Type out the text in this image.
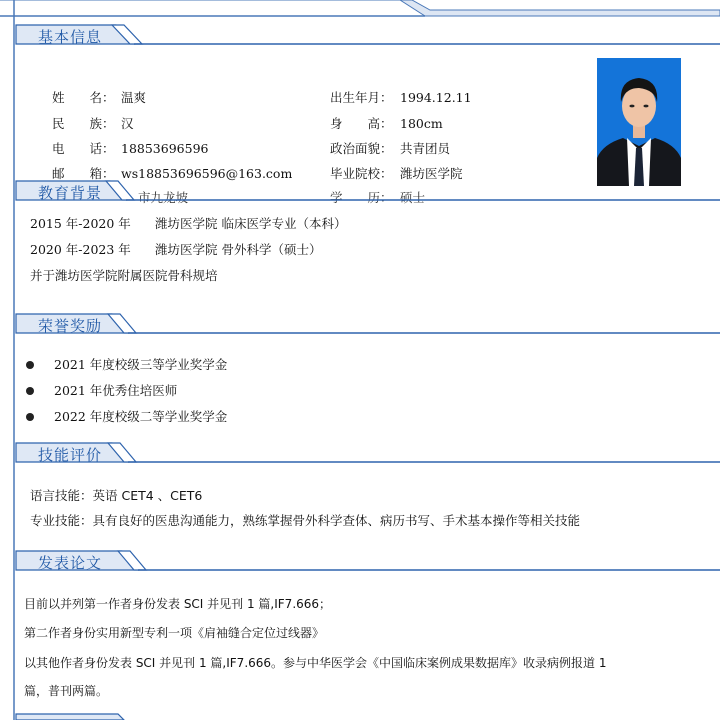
基本信息
姓　　名： 温爽
民　　族： 汉
电　　话： 18853696596
邮　　箱： ws18853696596@163.com
出生年月： 1994.12.11
身　　高： 180cm
政治面貌： 共青团员
毕业院校： 潍坊医学院
市九龙坡	学　　历： 硕士
教育背景
2015 年-2020 年 潍坊医学院 临床医学专业（本科）
2020 年-2023 年 潍坊医学院 骨外科学（硕士）
并于潍坊医学院附属医院骨科规培
荣誉奖励
2021 年度校级三等学业奖学金
2021 年优秀住培医师
2022 年度校级二等学业奖学金
技能评价
语言技能：英语 CET4 、CET6
专业技能：具有良好的医患沟通能力，熟练掌握骨外科学查体、病历书写、手术基本操作等相关技能
发表论文
目前以并列第一作者身份发表 SCI 并见刊 1 篇,IF7.666；
第二作者身份实用新型专利一项《肩袖缝合定位过线器》
以其他作者身份发表 SCI 并见刊 1 篇,IF7.666。参与中华医学会《中国临床案例成果数据库》收录病例报道 1
篇，普刊两篇。
